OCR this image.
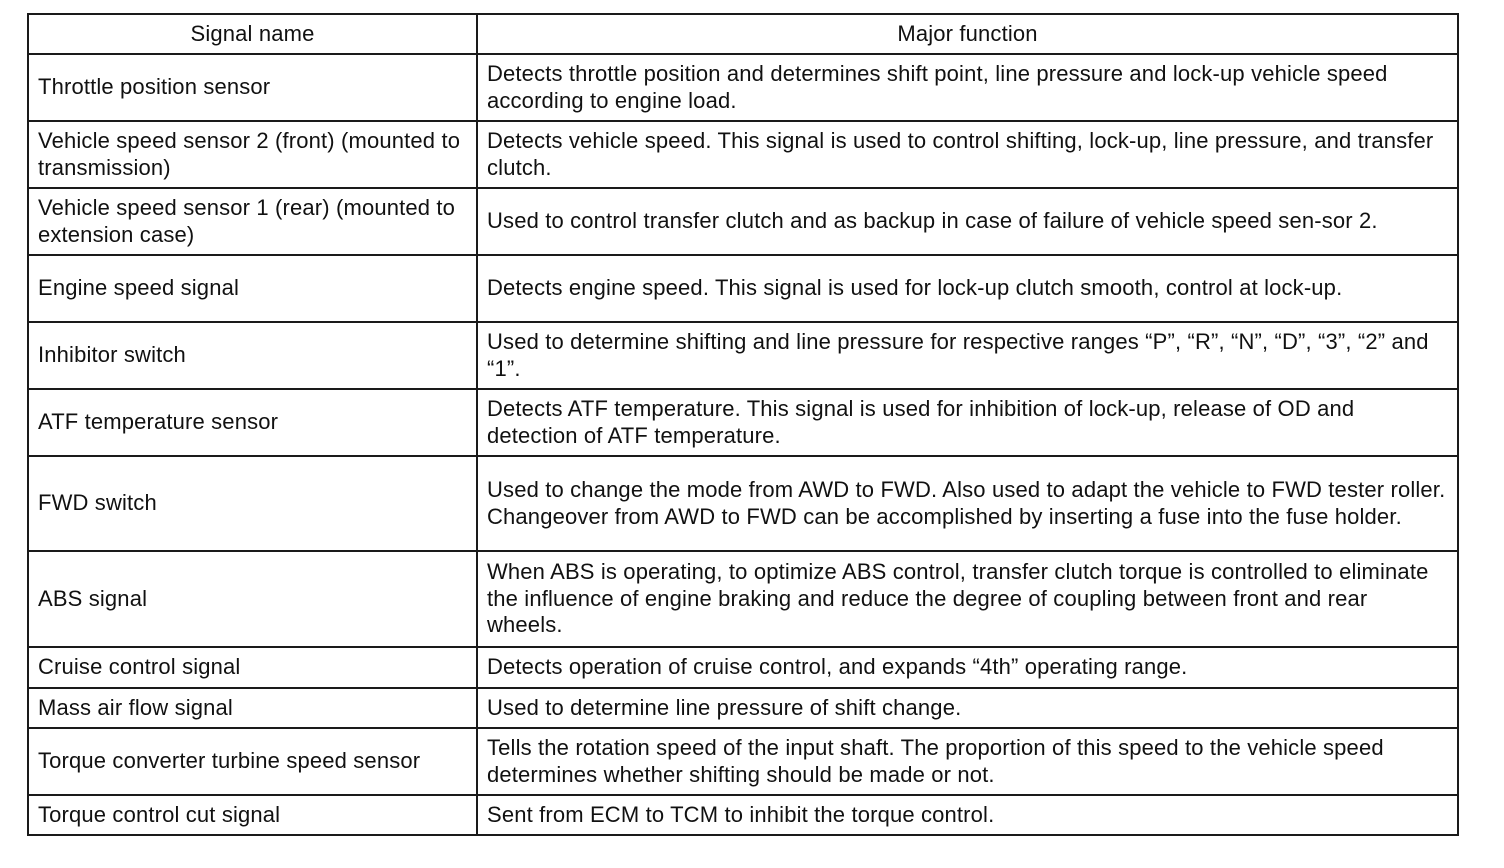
Signal name	Major function
Throttle position sensor	Detects throttle position and determines shift point, line pressure and lock-up vehicle speed according to engine load.
Vehicle speed sensor 2 (front) (mounted to transmission)	Detects vehicle speed. This signal is used to control shifting, lock-up, line pressure, and transfer clutch.
Vehicle speed sensor 1 (rear) (mounted to extension case)	Used to control transfer clutch and as backup in case of failure of vehicle speed sen-sor 2.
Engine speed signal	Detects engine speed. This signal is used for lock-up clutch smooth, control at lock-up.
Inhibitor switch	Used to determine shifting and line pressure for respective ranges “P”, “R”, “N”, “D”, “3”, “2” and “1”.
ATF temperature sensor	Detects ATF temperature. This signal is used for inhibition of lock-up, release of OD and detection of ATF temperature.
FWD switch	Used to change the mode from AWD to FWD. Also used to adapt the vehicle to FWD tester roller. Changeover from AWD to FWD can be accomplished by inserting a fuse into the fuse holder.
ABS signal	When ABS is operating, to optimize ABS control, transfer clutch torque is controlled to eliminate the influence of engine braking and reduce the degree of coupling between front and rear wheels.
Cruise control signal	Detects operation of cruise control, and expands “4th” operating range.
Mass air flow signal	Used to determine line pressure of shift change.
Torque converter turbine speed sensor	Tells the rotation speed of the input shaft. The proportion of this speed to the vehicle speed determines whether shifting should be made or not.
Torque control cut signal	Sent from ECM to TCM to inhibit the torque control.
